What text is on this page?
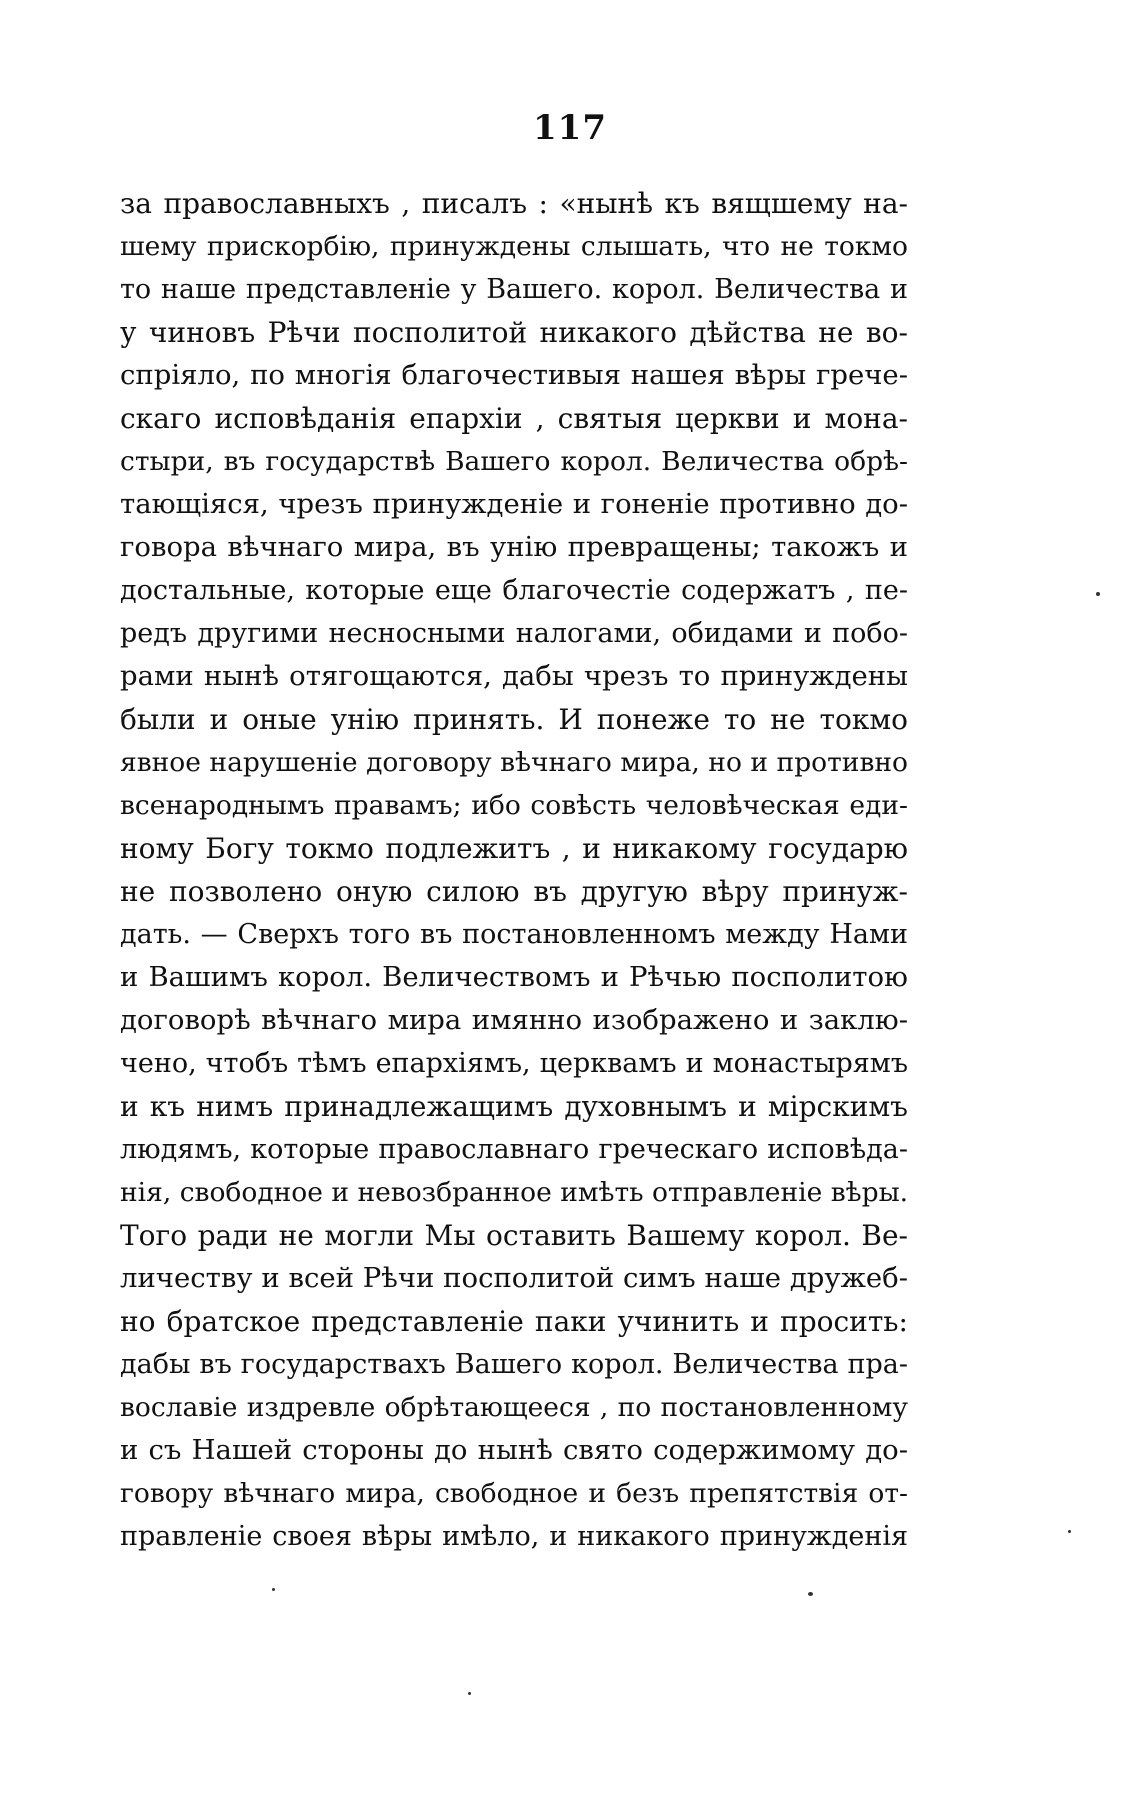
117
за православныхъ , писалъ : «нынѣ къ вящшему на-
шему прискорбію, принуждены слышать, что не токмо
то наше представленіе у Вашего. корол. Величества и
у чиновъ Рѣчи посполитой никакого дѣйства не во-
спріяло, по многія благочестивыя нашея вѣры грече-
скаго исповѣданія епархіи , святыя церкви и мона-
стыри, въ государствѣ Вашего корол. Величества обрѣ-
тающіяся, чрезъ принужденіе и гоненіе противно до-
говора вѣчнаго мира, въ унію превращены; такожъ и
достальные, которые еще благочестіе содержатъ , пе-
редъ другими несносными налогами, обидами и побо-
рами нынѣ отягощаются, дабы чрезъ то принуждены
были и оные унію принять. И понеже то не токмо
явное нарушеніе договору вѣчнаго мира, но и противно
всенароднымъ правамъ; ибо совѣсть человѣческая еди-
ному Богу токмо подлежитъ , и никакому государю
не позволено оную силою въ другую вѣру принуж-
дать. — Сверхъ того въ постановленномъ между Нами
и Вашимъ корол. Величествомъ и Рѣчью посполитою
договорѣ вѣчнаго мира имянно изображено и заклю-
чено, чтобъ тѣмъ епархіямъ, церквамъ и монастырямъ
и къ нимъ принадлежащимъ духовнымъ и мірскимъ
людямъ, которые православнаго греческаго исповѣда-
нія, свободное и невозбранное имѣть отправленіе вѣры.
Того ради не могли Мы оставить Вашему корол. Ве-
личеству и всей Рѣчи посполитой симъ наше дружеб-
но братское представленіе паки учинить и просить:
дабы въ государствахъ Вашего корол. Величества пра-
вославіе издревле обрѣтающееся , по постановленному
и съ Нашей стороны до нынѣ свято содержимому до-
говору вѣчнаго мира, свободное и безъ препятствія от-
правленіе своея вѣры имѣло, и никакого принужденія
